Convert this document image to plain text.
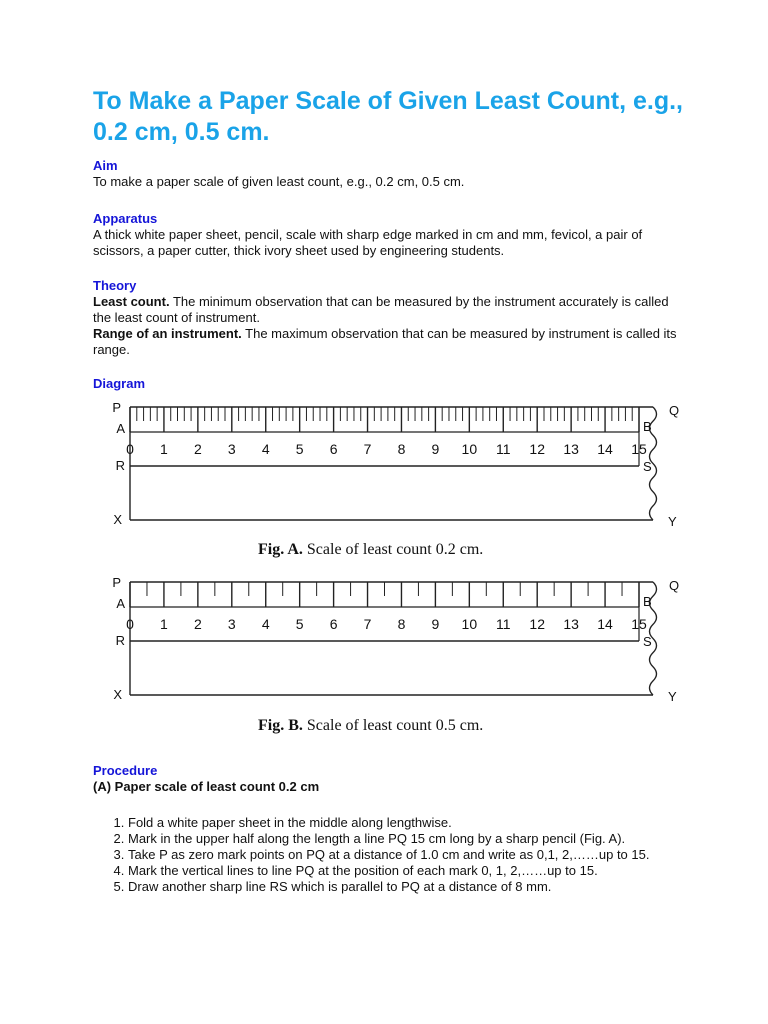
To Make a Paper Scale of Given Least Count, e.g., 0.2 cm, 0.5 cm.
Aim
To make a paper scale of given least count, e.g., 0.2 cm, 0.5 cm.
Apparatus
A thick white paper sheet, pencil, scale with sharp edge marked in cm and mm, fevicol, a pair of scissors, a paper cutter, thick ivory sheet used by engineering students.
Theory
Least count. The minimum observation that can be measured by the instrument accurately is called the least count of instrument.
Range of an instrument. The maximum observation that can be measured by instrument is called its range.
Diagram
0 1 2 3 4 5 6 7 8 9 10 11 12 13 14 15
P
A
R
X
Q
B
S
Y
Fig. A. Scale of least count 0.2 cm.
0 1 2 3 4 5 6 7 8 9 10 11 12 13 14 15
P
A
R
X
Q
B
S
Y
Fig. B. Scale of least count 0.5 cm.
Procedure
(A) Paper scale of least count 0.2 cm
1. Fold a white paper sheet in the middle along lengthwise.
2. Mark in the upper half along the length a line PQ 15 cm long by a sharp pencil (Fig. A).
3. Take P as zero mark points on PQ at a distance of 1.0 cm and write as 0,1, 2,……up to 15.
4. Mark the vertical lines to line PQ at the position of each mark 0, 1, 2,……up to 15.
5. Draw another sharp line RS which is parallel to PQ at a distance of 8 mm.
